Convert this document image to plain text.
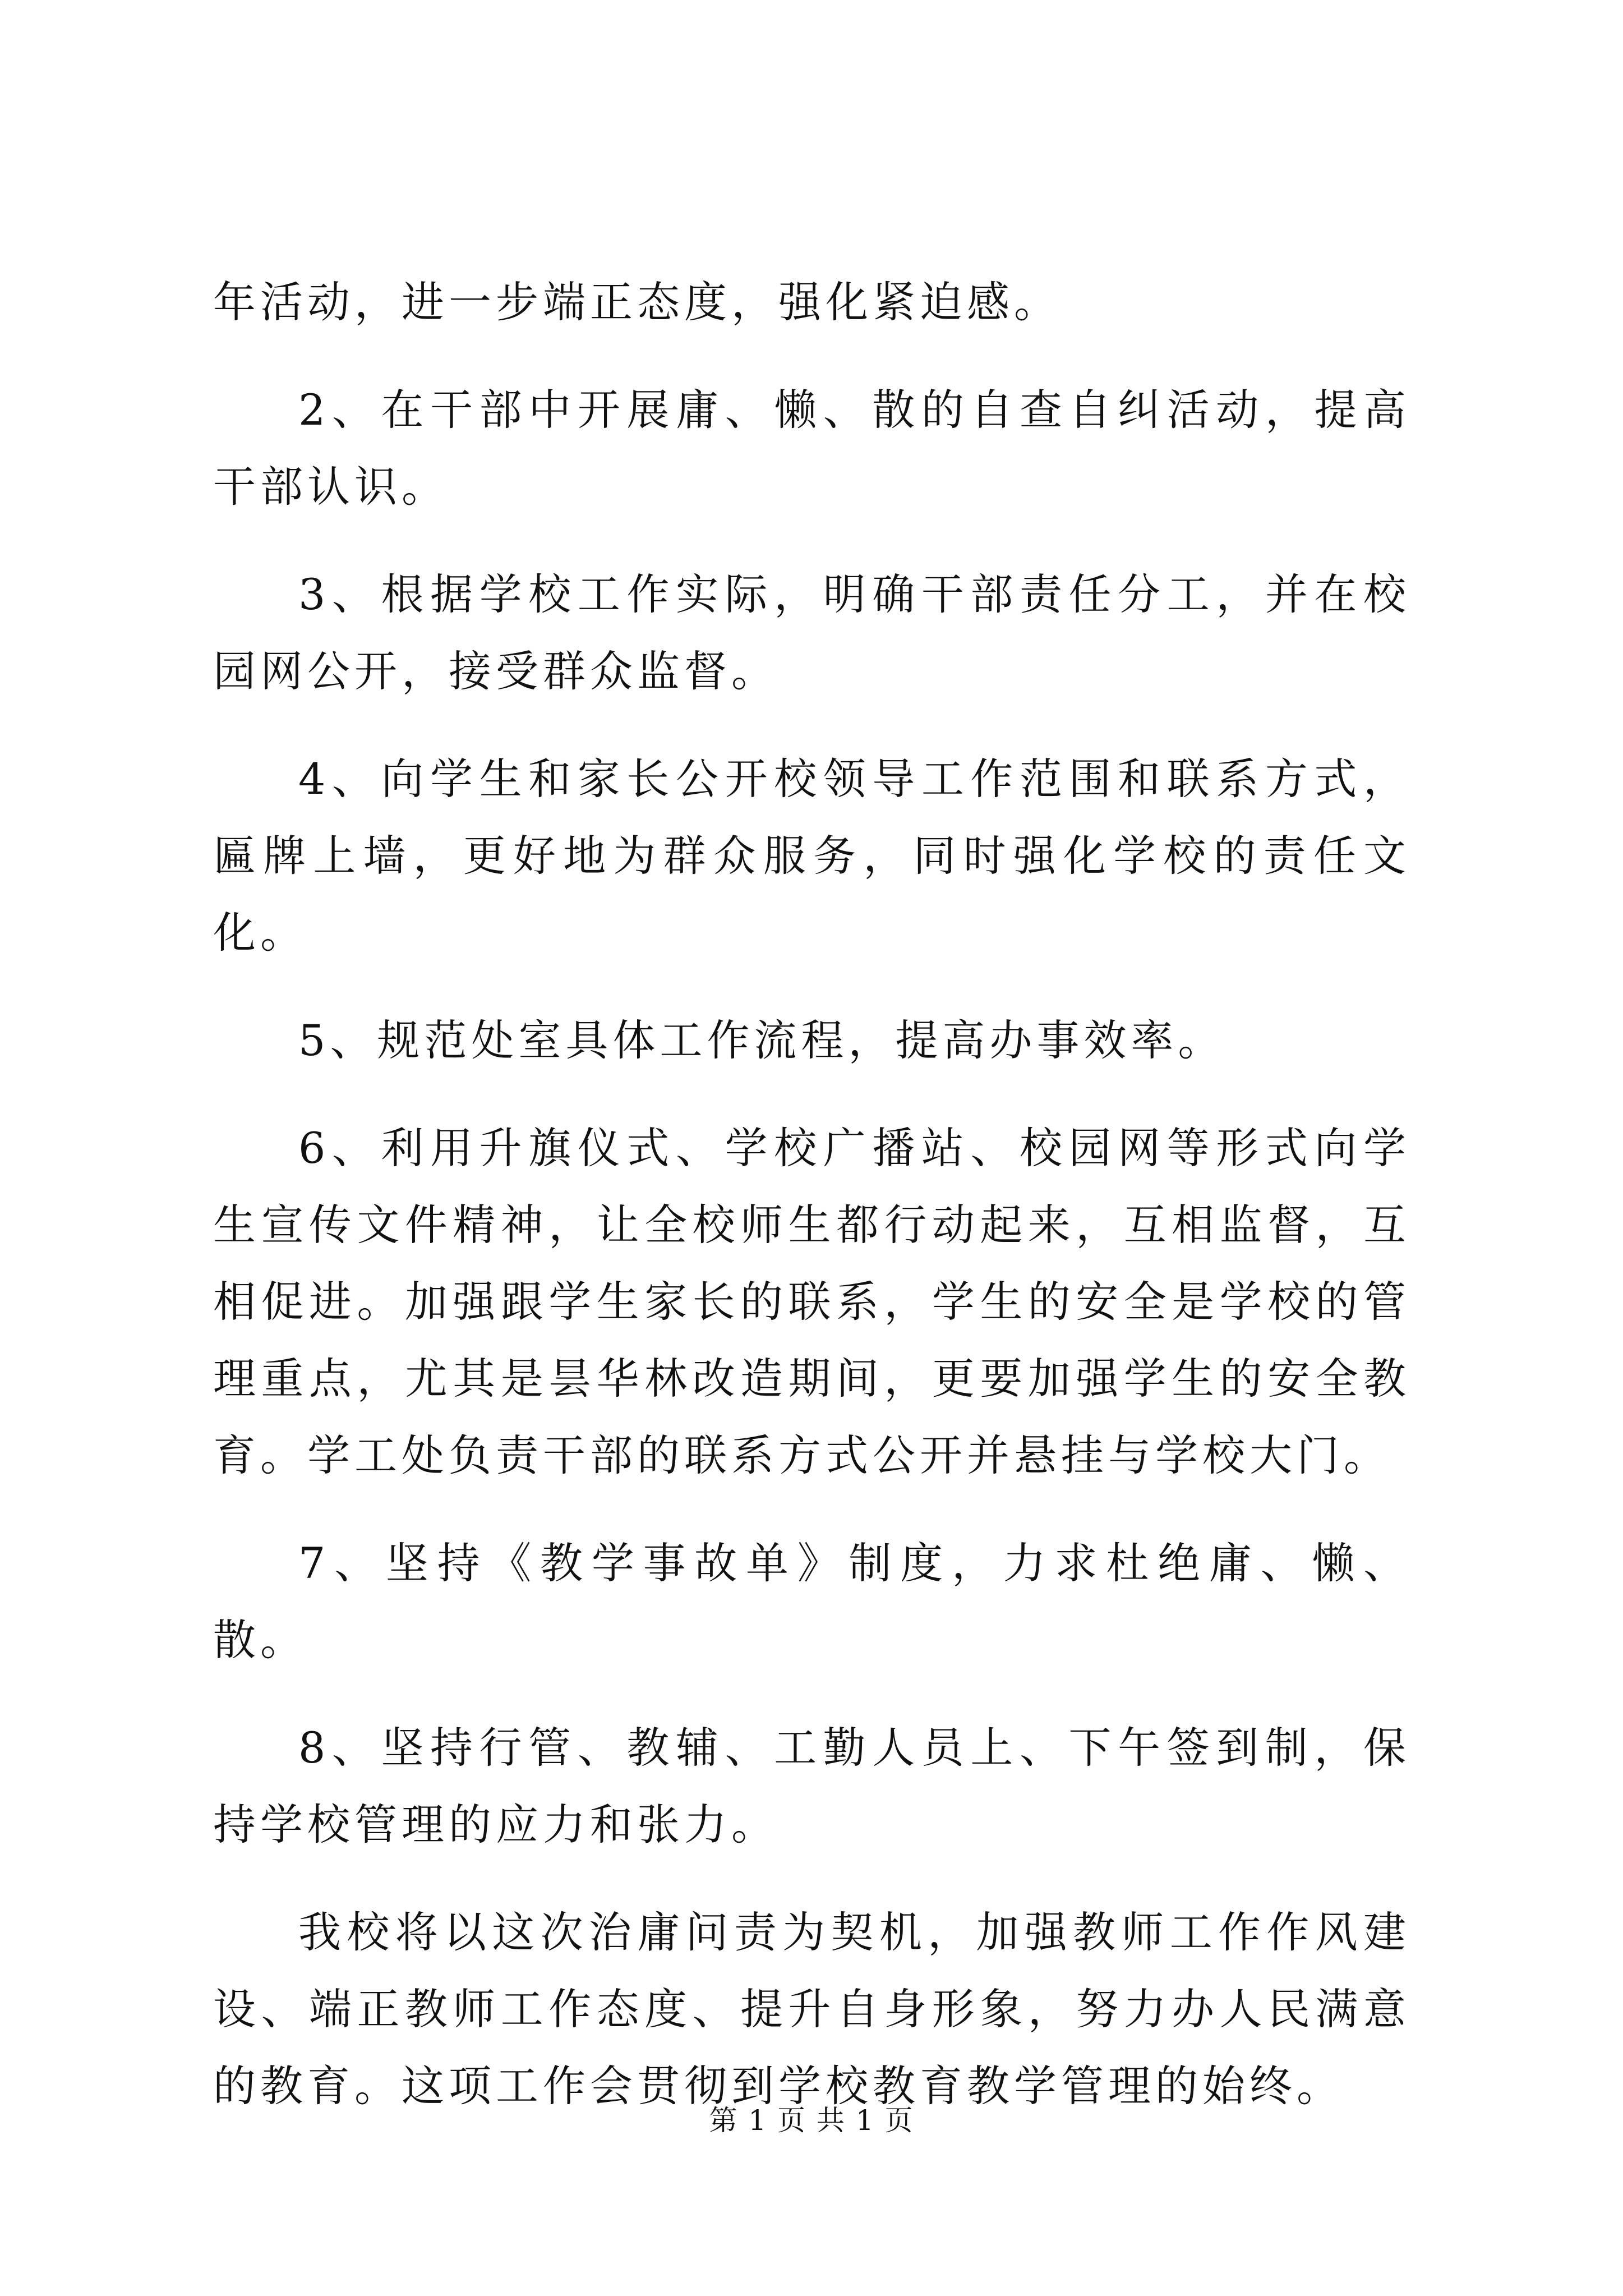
年活动，进一步端正态度，强化紧迫感。

2、在干部中开展庸、懒、散的自查自纠活动，提高干部认识。

3、根据学校工作实际，明确干部责任分工，并在校园网公开，接受群众监督。

4、向学生和家长公开校领导工作范围和联系方式，匾牌上墙，更好地为群众服务，同时强化学校的责任文化。

5、规范处室具体工作流程，提高办事效率。

6、利用升旗仪式、学校广播站、校园网等形式向学生宣传文件精神，让全校师生都行动起来，互相监督，互相促进。加强跟学生家长的联系，学生的安全是学校的管理重点，尤其是昙华林改造期间，更要加强学生的安全教育。学工处负责干部的联系方式公开并悬挂与学校大门。

7、坚持《教学事故单》制度，力求杜绝庸、懒、散。

8、坚持行管、教辅、工勤人员上、下午签到制，保持学校管理的应力和张力。

我校将以这次治庸问责为契机，加强教师工作作风建设、端正教师工作态度、提升自身形象，努力办人民满意的教育。这项工作会贯彻到学校教育教学管理的始终。

第 1 页 共 1 页
